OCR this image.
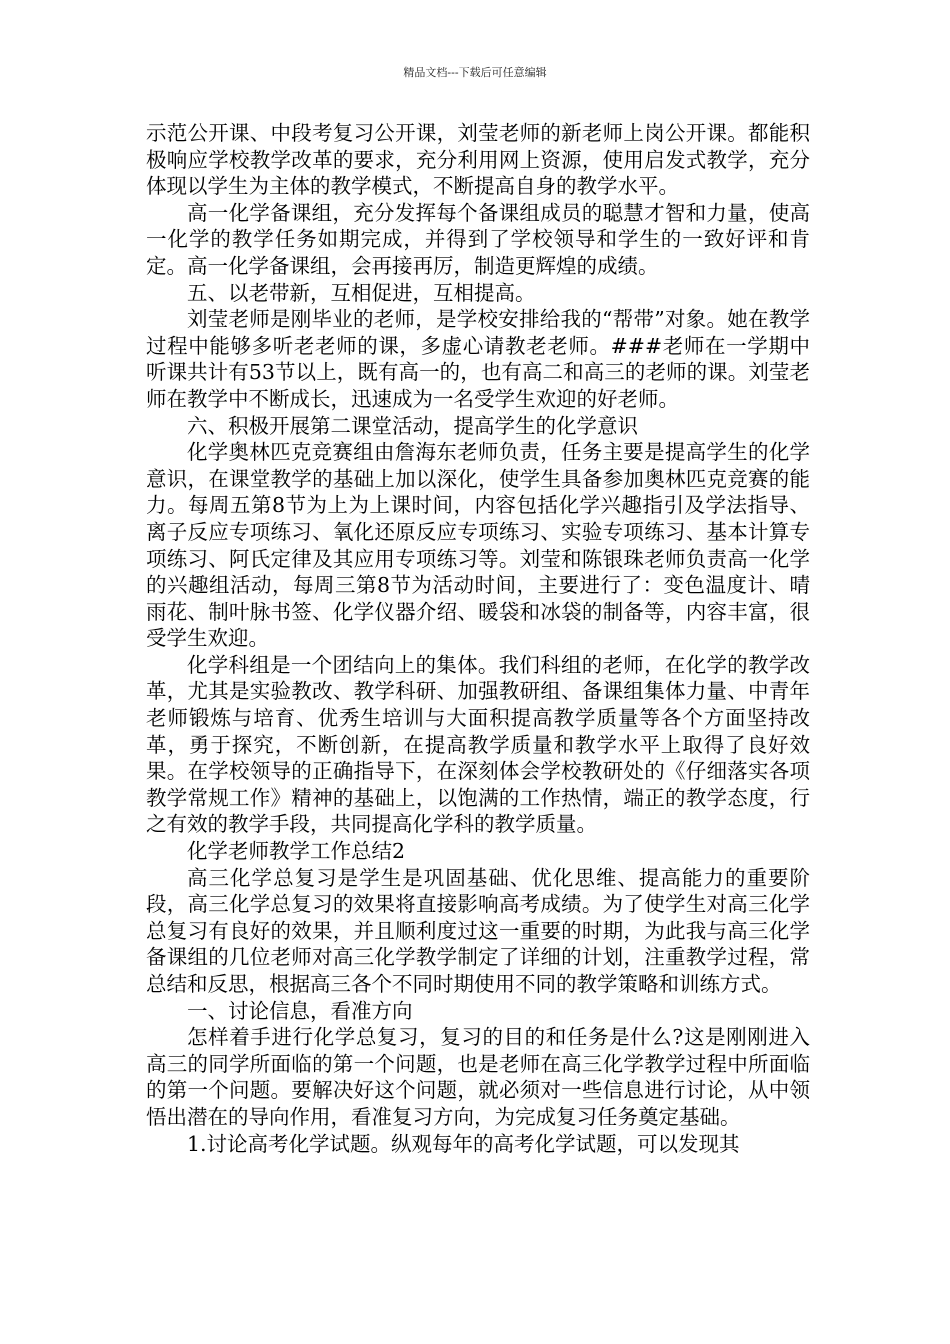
精品文档---下载后可任意编辑

示范公开课、中段考复习公开课，刘莹老师的新老师上岗公开课。都能积极响应学校教学改革的要求，充分利用网上资源，使用启发式教学，充分体现以学生为主体的教学模式，不断提高自身的教学水平。

高一化学备课组，充分发挥每个备课组成员的聪慧才智和力量，使高一化学的教学任务如期完成，并得到了学校领导和学生的一致好评和肯定。高一化学备课组，会再接再厉，制造更辉煌的成绩。

五、以老带新，互相促进，互相提高。

刘莹老师是刚毕业的老师，是学校安排给我的“帮带”对象。她在教学过程中能够多听老老师的课，多虚心请教老老师。###老师在一学期中听课共计有53节以上，既有高一的，也有高二和高三的老师的课。刘莹老师在教学中不断成长，迅速成为一名受学生欢迎的好老师。

六、积极开展第二课堂活动，提高学生的化学意识

化学奥林匹克竞赛组由詹海东老师负责，任务主要是提高学生的化学意识，在课堂教学的基础上加以深化，使学生具备参加奥林匹克竞赛的能力。每周五第8节为上为上课时间，内容包括化学兴趣指引及学法指导、离子反应专项练习、氧化还原反应专项练习、实验专项练习、基本计算专项练习、阿氏定律及其应用专项练习等。刘莹和陈银珠老师负责高一化学的兴趣组活动，每周三第8节为活动时间，主要进行了：变色温度计、晴雨花、制叶脉书签、化学仪器介绍、暖袋和冰袋的制备等，内容丰富，很受学生欢迎。

化学科组是一个团结向上的集体。我们科组的老师，在化学的教学改革，尤其是实验教改、教学科研、加强教研组、备课组集体力量、中青年老师锻炼与培育、优秀生培训与大面积提高教学质量等各个方面坚持改革，勇于探究，不断创新，在提高教学质量和教学水平上取得了良好效果。在学校领导的正确指导下，在深刻体会学校教研处的《仔细落实各项教学常规工作》精神的基础上，以饱满的工作热情，端正的教学态度，行之有效的教学手段，共同提高化学科的教学质量。

化学老师教学工作总结2

高三化学总复习是学生是巩固基础、优化思维、提高能力的重要阶段，高三化学总复习的效果将直接影响高考成绩。为了使学生对高三化学总复习有良好的效果，并且顺利度过这一重要的时期，为此我与高三化学备课组的几位老师对高三化学教学制定了详细的计划，注重教学过程，常总结和反思，根据高三各个不同时期使用不同的教学策略和训练方式。

一、讨论信息，看准方向

怎样着手进行化学总复习，复习的目的和任务是什么?这是刚刚进入高三的同学所面临的第一个问题，也是老师在高三化学教学过程中所面临的第一个问题。要解决好这个问题，就必须对一些信息进行讨论，从中领悟出潜在的导向作用，看准复习方向，为完成复习任务奠定基础。

1.讨论高考化学试题。纵观每年的高考化学试题，可以发现其
